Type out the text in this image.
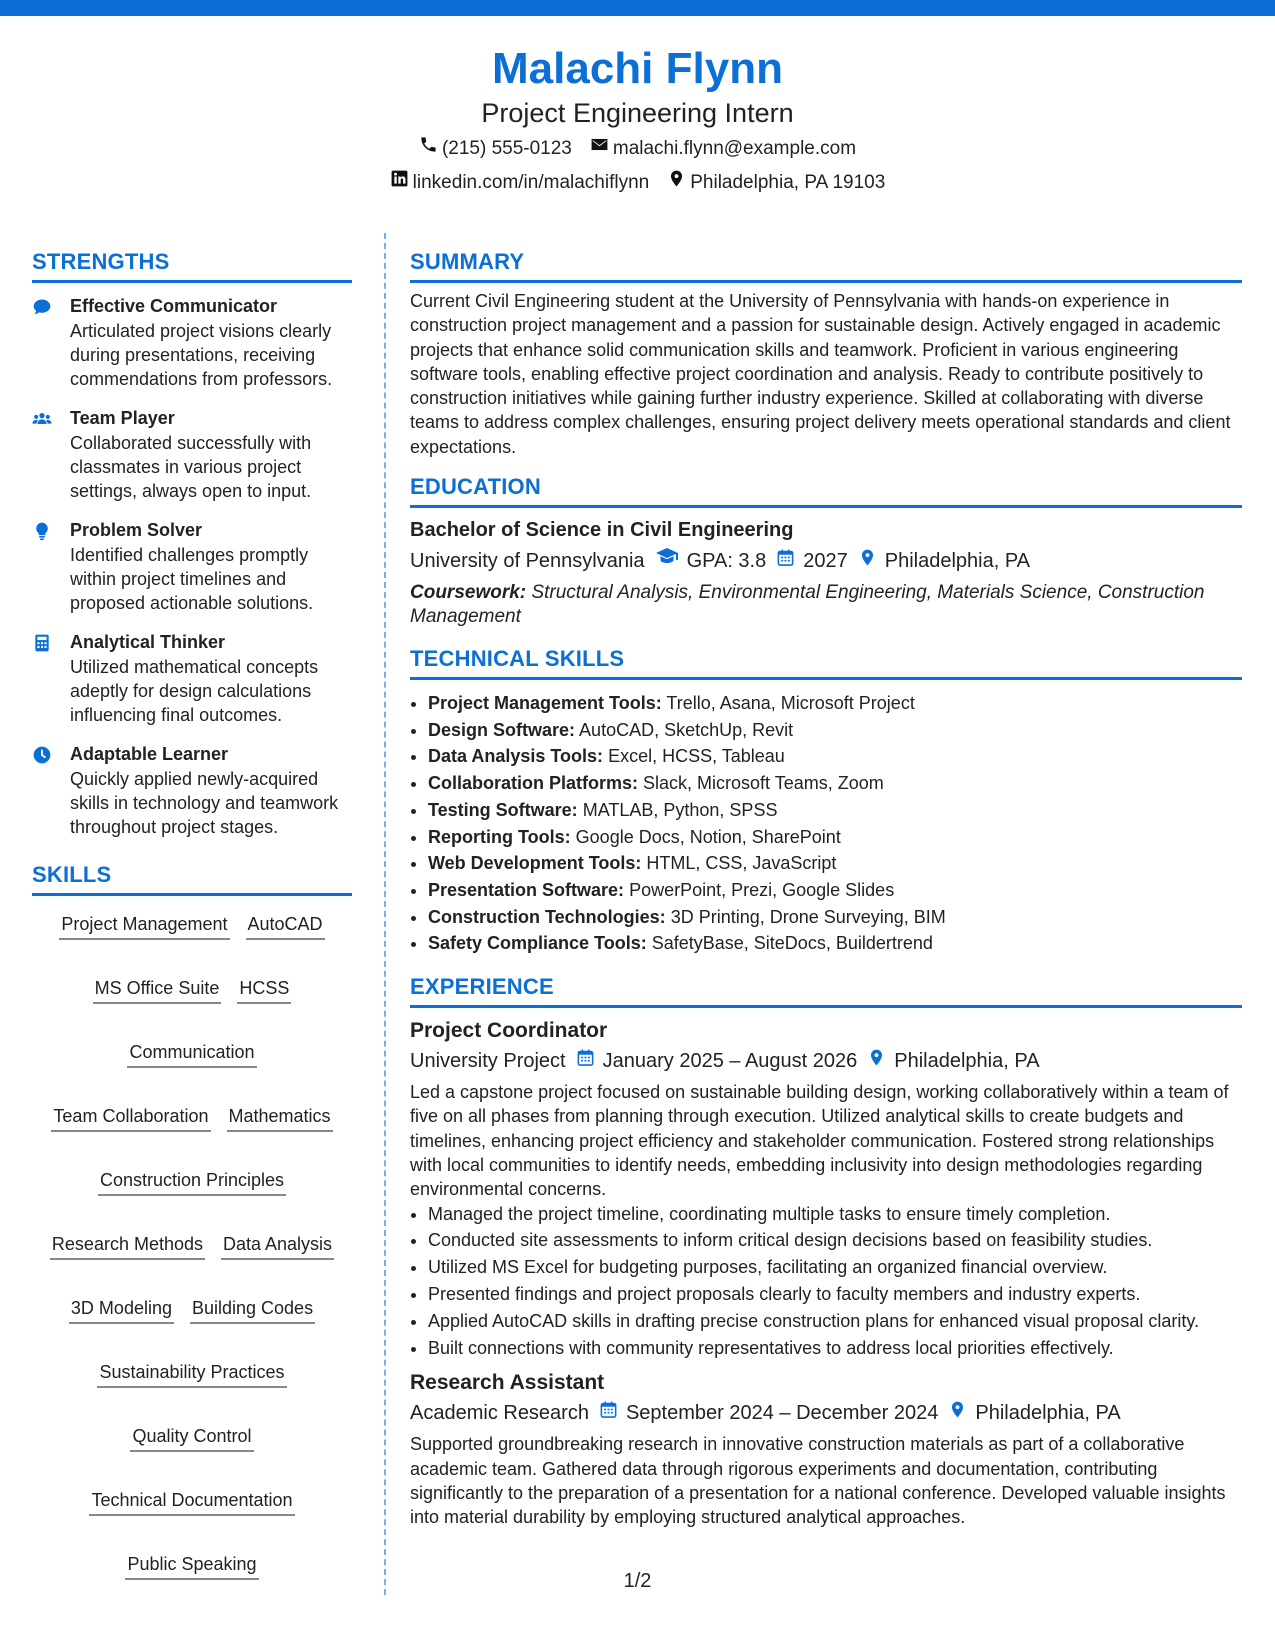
Malachi Flynn
Project Engineering Intern
(215) 555-0123 malachi.flynn@example.com
linkedin.com/in/malachiflynn Philadelphia, PA 19103
STRENGTHS
Effective Communicator
Articulated project visions clearly during presentations, receiving commendations from professors.
Team Player
Collaborated successfully with classmates in various project settings, always open to input.
Problem Solver
Identified challenges promptly within project timelines and proposed actionable solutions.
Analytical Thinker
Utilized mathematical concepts adeptly for design calculations influencing final outcomes.
Adaptable Learner
Quickly applied newly-acquired skills in technology and teamwork throughout project stages.
SKILLS
Project Management AutoCAD
MS Office Suite HCSS
Communication
Team Collaboration Mathematics
Construction Principles
Research Methods Data Analysis
3D Modeling Building Codes
Sustainability Practices
Quality Control
Technical Documentation
Public Speaking
SUMMARY
Current Civil Engineering student at the University of Pennsylvania with hands-on experience in construction project management and a passion for sustainable design. Actively engaged in academic projects that enhance solid communication skills and teamwork. Proficient in various engineering software tools, enabling effective project coordination and analysis. Ready to contribute positively to construction initiatives while gaining further industry experience. Skilled at collaborating with diverse teams to address complex challenges, ensuring project delivery meets operational standards and client expectations.
EDUCATION
Bachelor of Science in Civil Engineering
University of Pennsylvania GPA: 3.8 2027 Philadelphia, PA
Coursework: Structural Analysis, Environmental Engineering, Materials Science, Construction Management
TECHNICAL SKILLS
• Project Management Tools: Trello, Asana, Microsoft Project
• Design Software: AutoCAD, SketchUp, Revit
• Data Analysis Tools: Excel, HCSS, Tableau
• Collaboration Platforms: Slack, Microsoft Teams, Zoom
• Testing Software: MATLAB, Python, SPSS
• Reporting Tools: Google Docs, Notion, SharePoint
• Web Development Tools: HTML, CSS, JavaScript
• Presentation Software: PowerPoint, Prezi, Google Slides
• Construction Technologies: 3D Printing, Drone Surveying, BIM
• Safety Compliance Tools: SafetyBase, SiteDocs, Buildertrend
EXPERIENCE
Project Coordinator
University Project January 2025 – August 2026 Philadelphia, PA
Led a capstone project focused on sustainable building design, working collaboratively within a team of five on all phases from planning through execution. Utilized analytical skills to create budgets and timelines, enhancing project efficiency and stakeholder communication. Fostered strong relationships with local communities to identify needs, embedding inclusivity into design methodologies regarding environmental concerns.
• Managed the project timeline, coordinating multiple tasks to ensure timely completion.
• Conducted site assessments to inform critical design decisions based on feasibility studies.
• Utilized MS Excel for budgeting purposes, facilitating an organized financial overview.
• Presented findings and project proposals clearly to faculty members and industry experts.
• Applied AutoCAD skills in drafting precise construction plans for enhanced visual proposal clarity.
• Built connections with community representatives to address local priorities effectively.
Research Assistant
Academic Research September 2024 – December 2024 Philadelphia, PA
Supported groundbreaking research in innovative construction materials as part of a collaborative academic team. Gathered data through rigorous experiments and documentation, contributing significantly to the preparation of a presentation for a national conference. Developed valuable insights into material durability by employing structured analytical approaches.
1/2
